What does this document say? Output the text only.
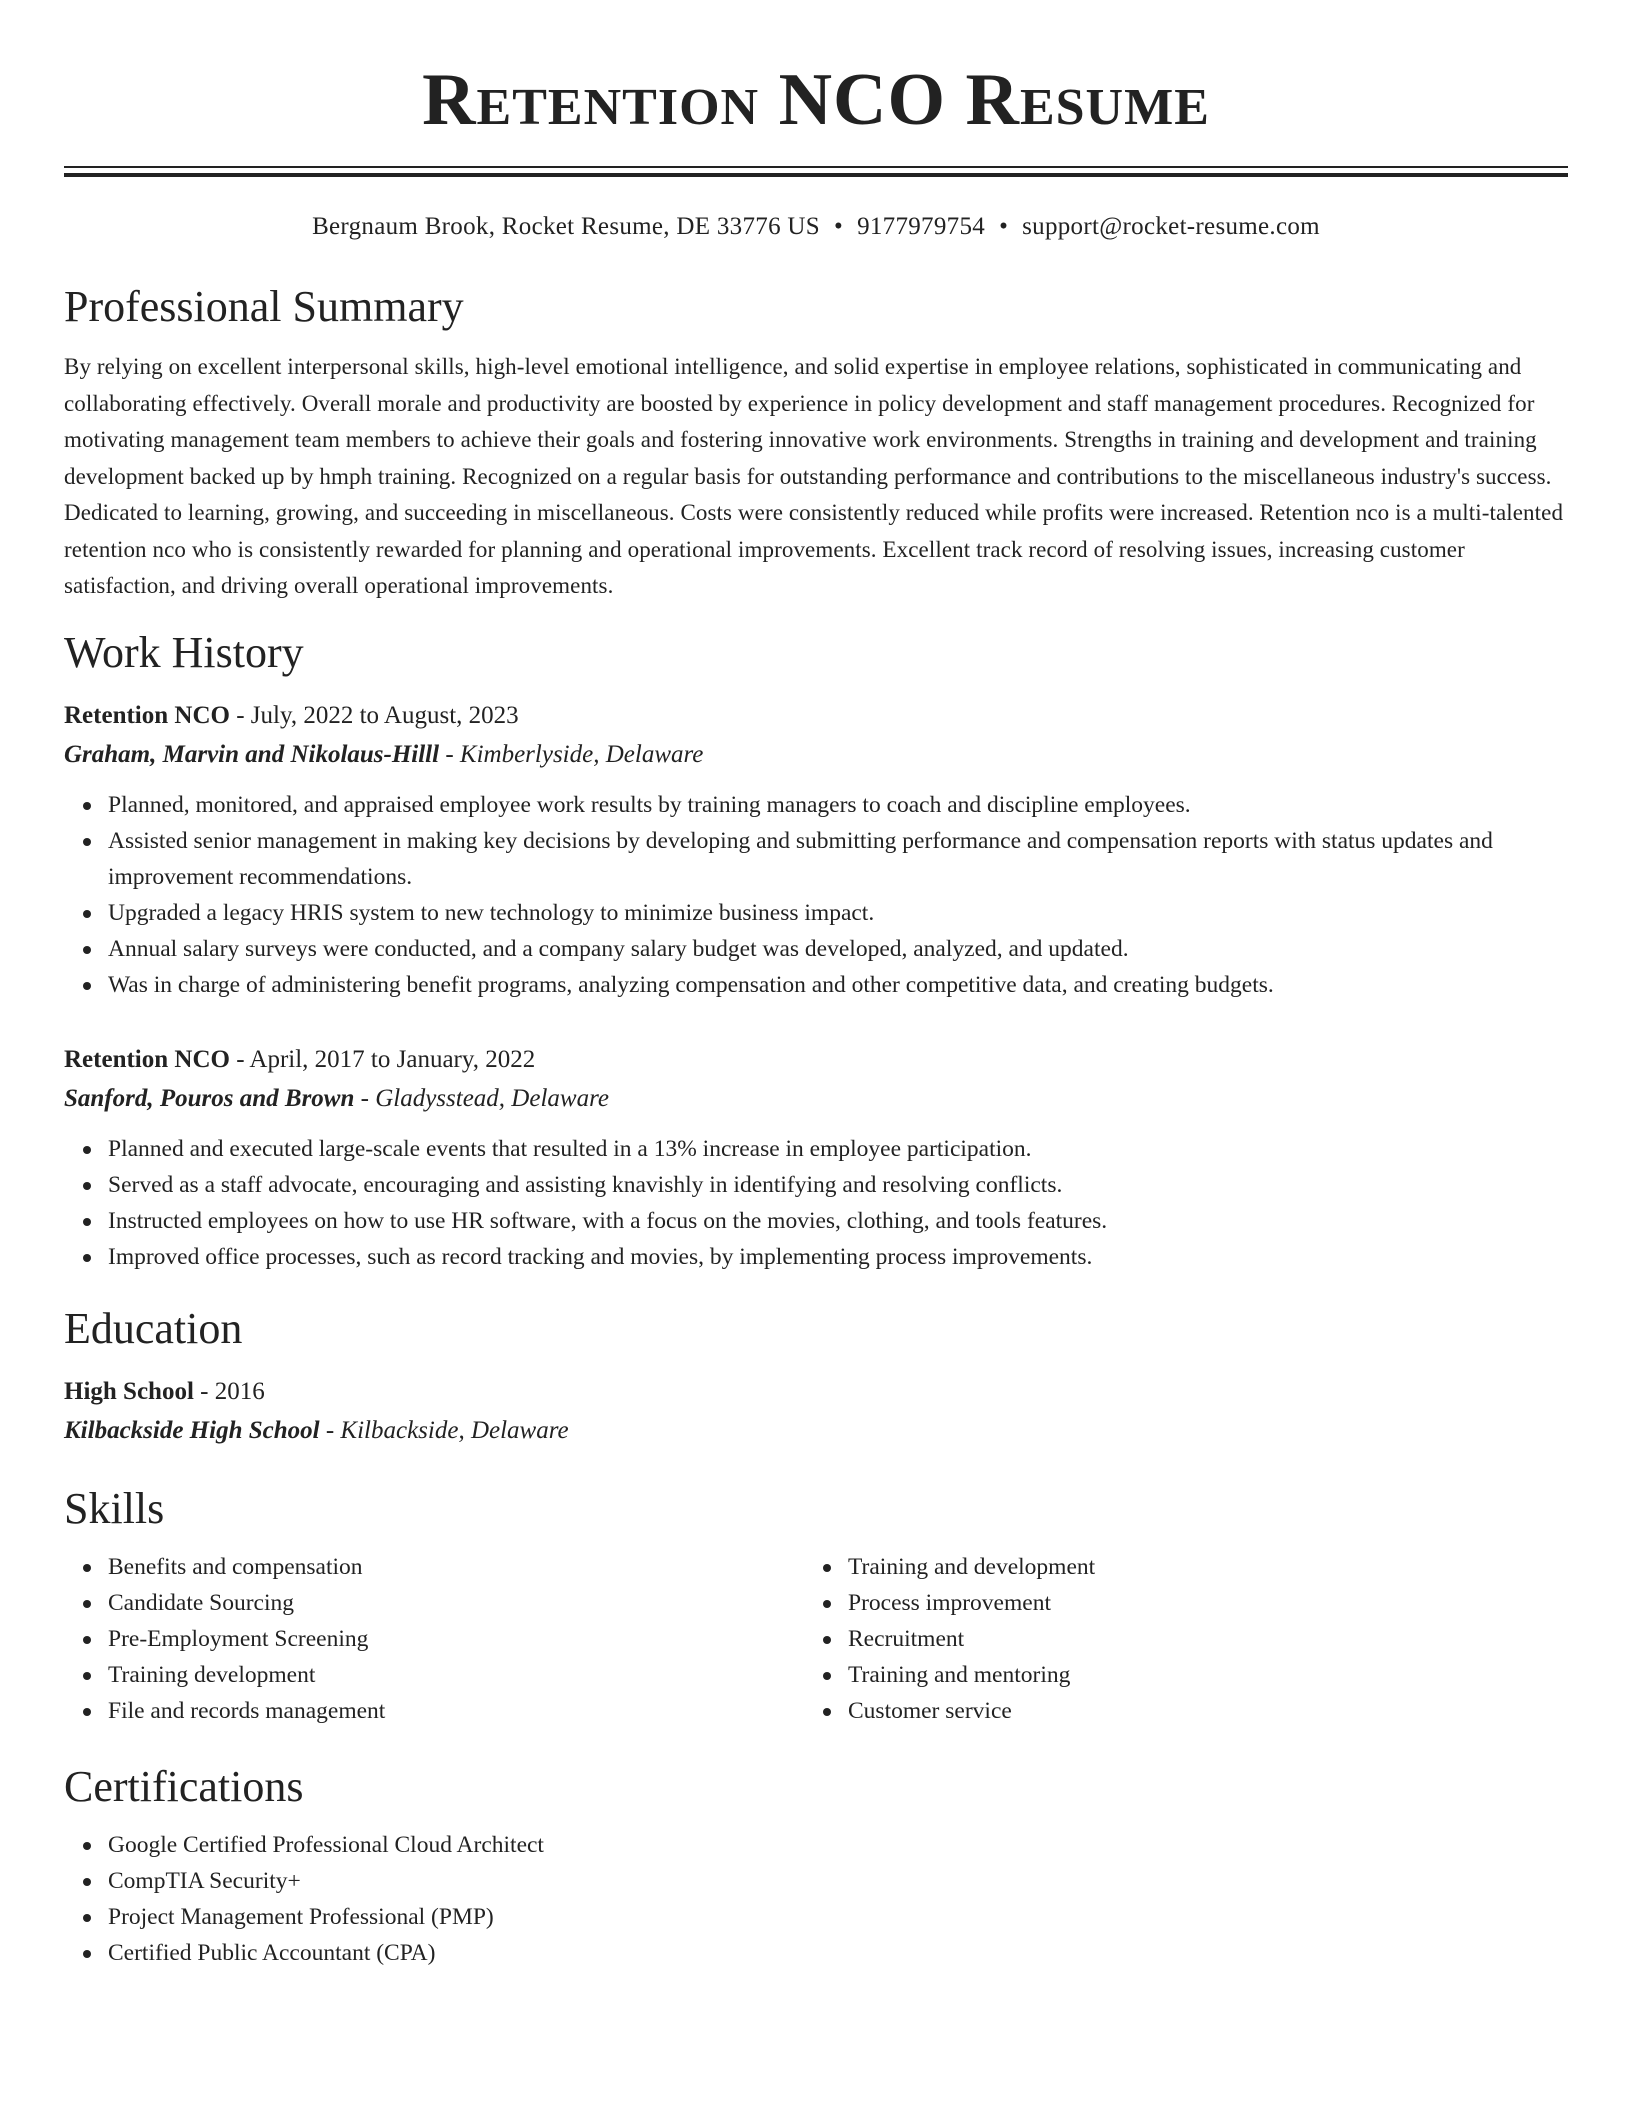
Retention NCO Resume
Bergnaum Brook, Rocket Resume, DE 33776 US • 9177979754 • support@rocket-resume.com
Professional Summary
By relying on excellent interpersonal skills, high-level emotional intelligence, and solid expertise in employee relations, sophisticated in communicating and collaborating effectively. Overall morale and productivity are boosted by experience in policy development and staff management procedures. Recognized for motivating management team members to achieve their goals and fostering innovative work environments. Strengths in training and development and training development backed up by hmph training. Recognized on a regular basis for outstanding performance and contributions to the miscellaneous industry's success. Dedicated to learning, growing, and succeeding in miscellaneous. Costs were consistently reduced while profits were increased. Retention nco is a multi-talented retention nco who is consistently rewarded for planning and operational improvements. Excellent track record of resolving issues, increasing customer satisfaction, and driving overall operational improvements.
Work History
Retention NCO - July, 2022 to August, 2023
Graham, Marvin and Nikolaus-Hilll - Kimberlyside, Delaware
Planned, monitored, and appraised employee work results by training managers to coach and discipline employees.
Assisted senior management in making key decisions by developing and submitting performance and compensation reports with status updates and improvement recommendations.
Upgraded a legacy HRIS system to new technology to minimize business impact.
Annual salary surveys were conducted, and a company salary budget was developed, analyzed, and updated.
Was in charge of administering benefit programs, analyzing compensation and other competitive data, and creating budgets.
Retention NCO - April, 2017 to January, 2022
Sanford, Pouros and Brown - Gladysstead, Delaware
Planned and executed large-scale events that resulted in a 13% increase in employee participation.
Served as a staff advocate, encouraging and assisting knavishly in identifying and resolving conflicts.
Instructed employees on how to use HR software, with a focus on the movies, clothing, and tools features.
Improved office processes, such as record tracking and movies, by implementing process improvements.
Education
High School - 2016
Kilbackside High School - Kilbackside, Delaware
Skills
Benefits and compensation
Candidate Sourcing
Pre-Employment Screening
Training development
File and records management
Training and development
Process improvement
Recruitment
Training and mentoring
Customer service
Certifications
Google Certified Professional Cloud Architect
CompTIA Security+
Project Management Professional (PMP)
Certified Public Accountant (CPA)
